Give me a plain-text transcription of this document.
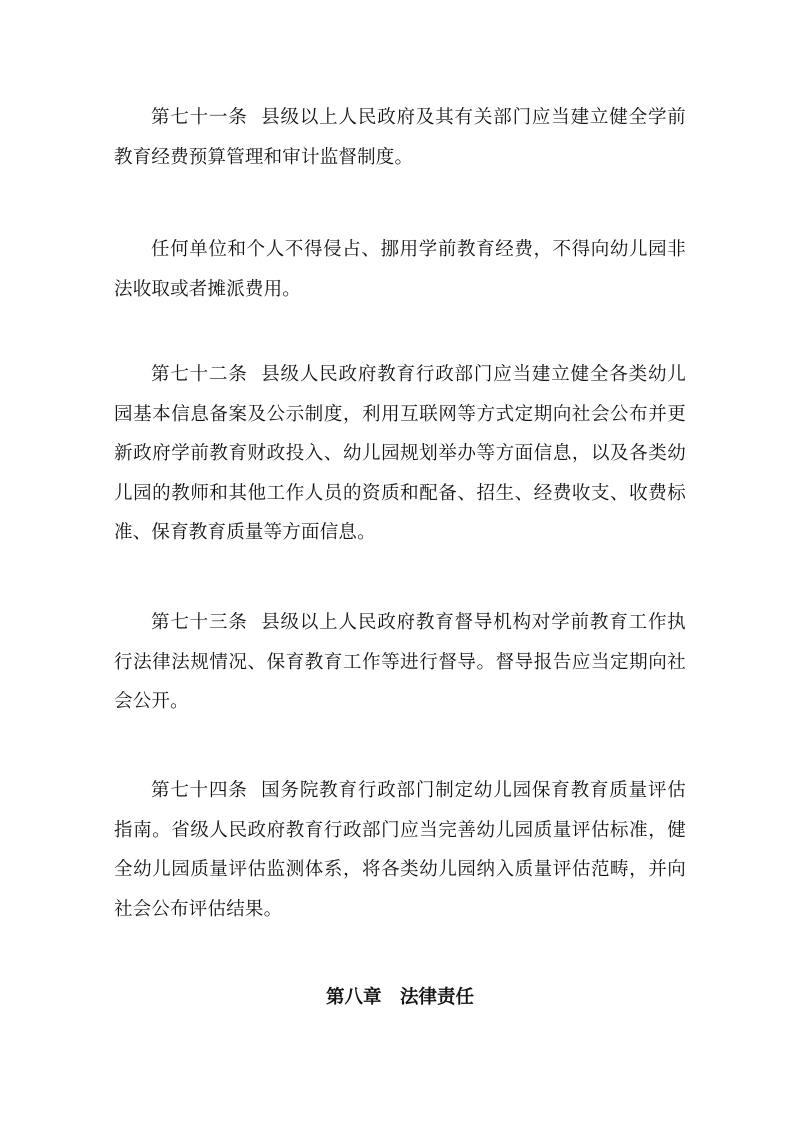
第七十一条 县级以上人民政府及其有关部门应当建立健全学前教育经费预算管理和审计监督制度。

任何单位和个人不得侵占、挪用学前教育经费，不得向幼儿园非法收取或者摊派费用。

第七十二条 县级人民政府教育行政部门应当建立健全各类幼儿园基本信息备案及公示制度，利用互联网等方式定期向社会公布并更新政府学前教育财政投入、幼儿园规划举办等方面信息，以及各类幼儿园的教师和其他工作人员的资质和配备、招生、经费收支、收费标准、保育教育质量等方面信息。

第七十三条 县级以上人民政府教育督导机构对学前教育工作执行法律法规情况、保育教育工作等进行督导。督导报告应当定期向社会公开。

第七十四条 国务院教育行政部门制定幼儿园保育教育质量评估指南。省级人民政府教育行政部门应当完善幼儿园质量评估标准，健全幼儿园质量评估监测体系，将各类幼儿园纳入质量评估范畴，并向社会公布评估结果。

第八章　法律责任
